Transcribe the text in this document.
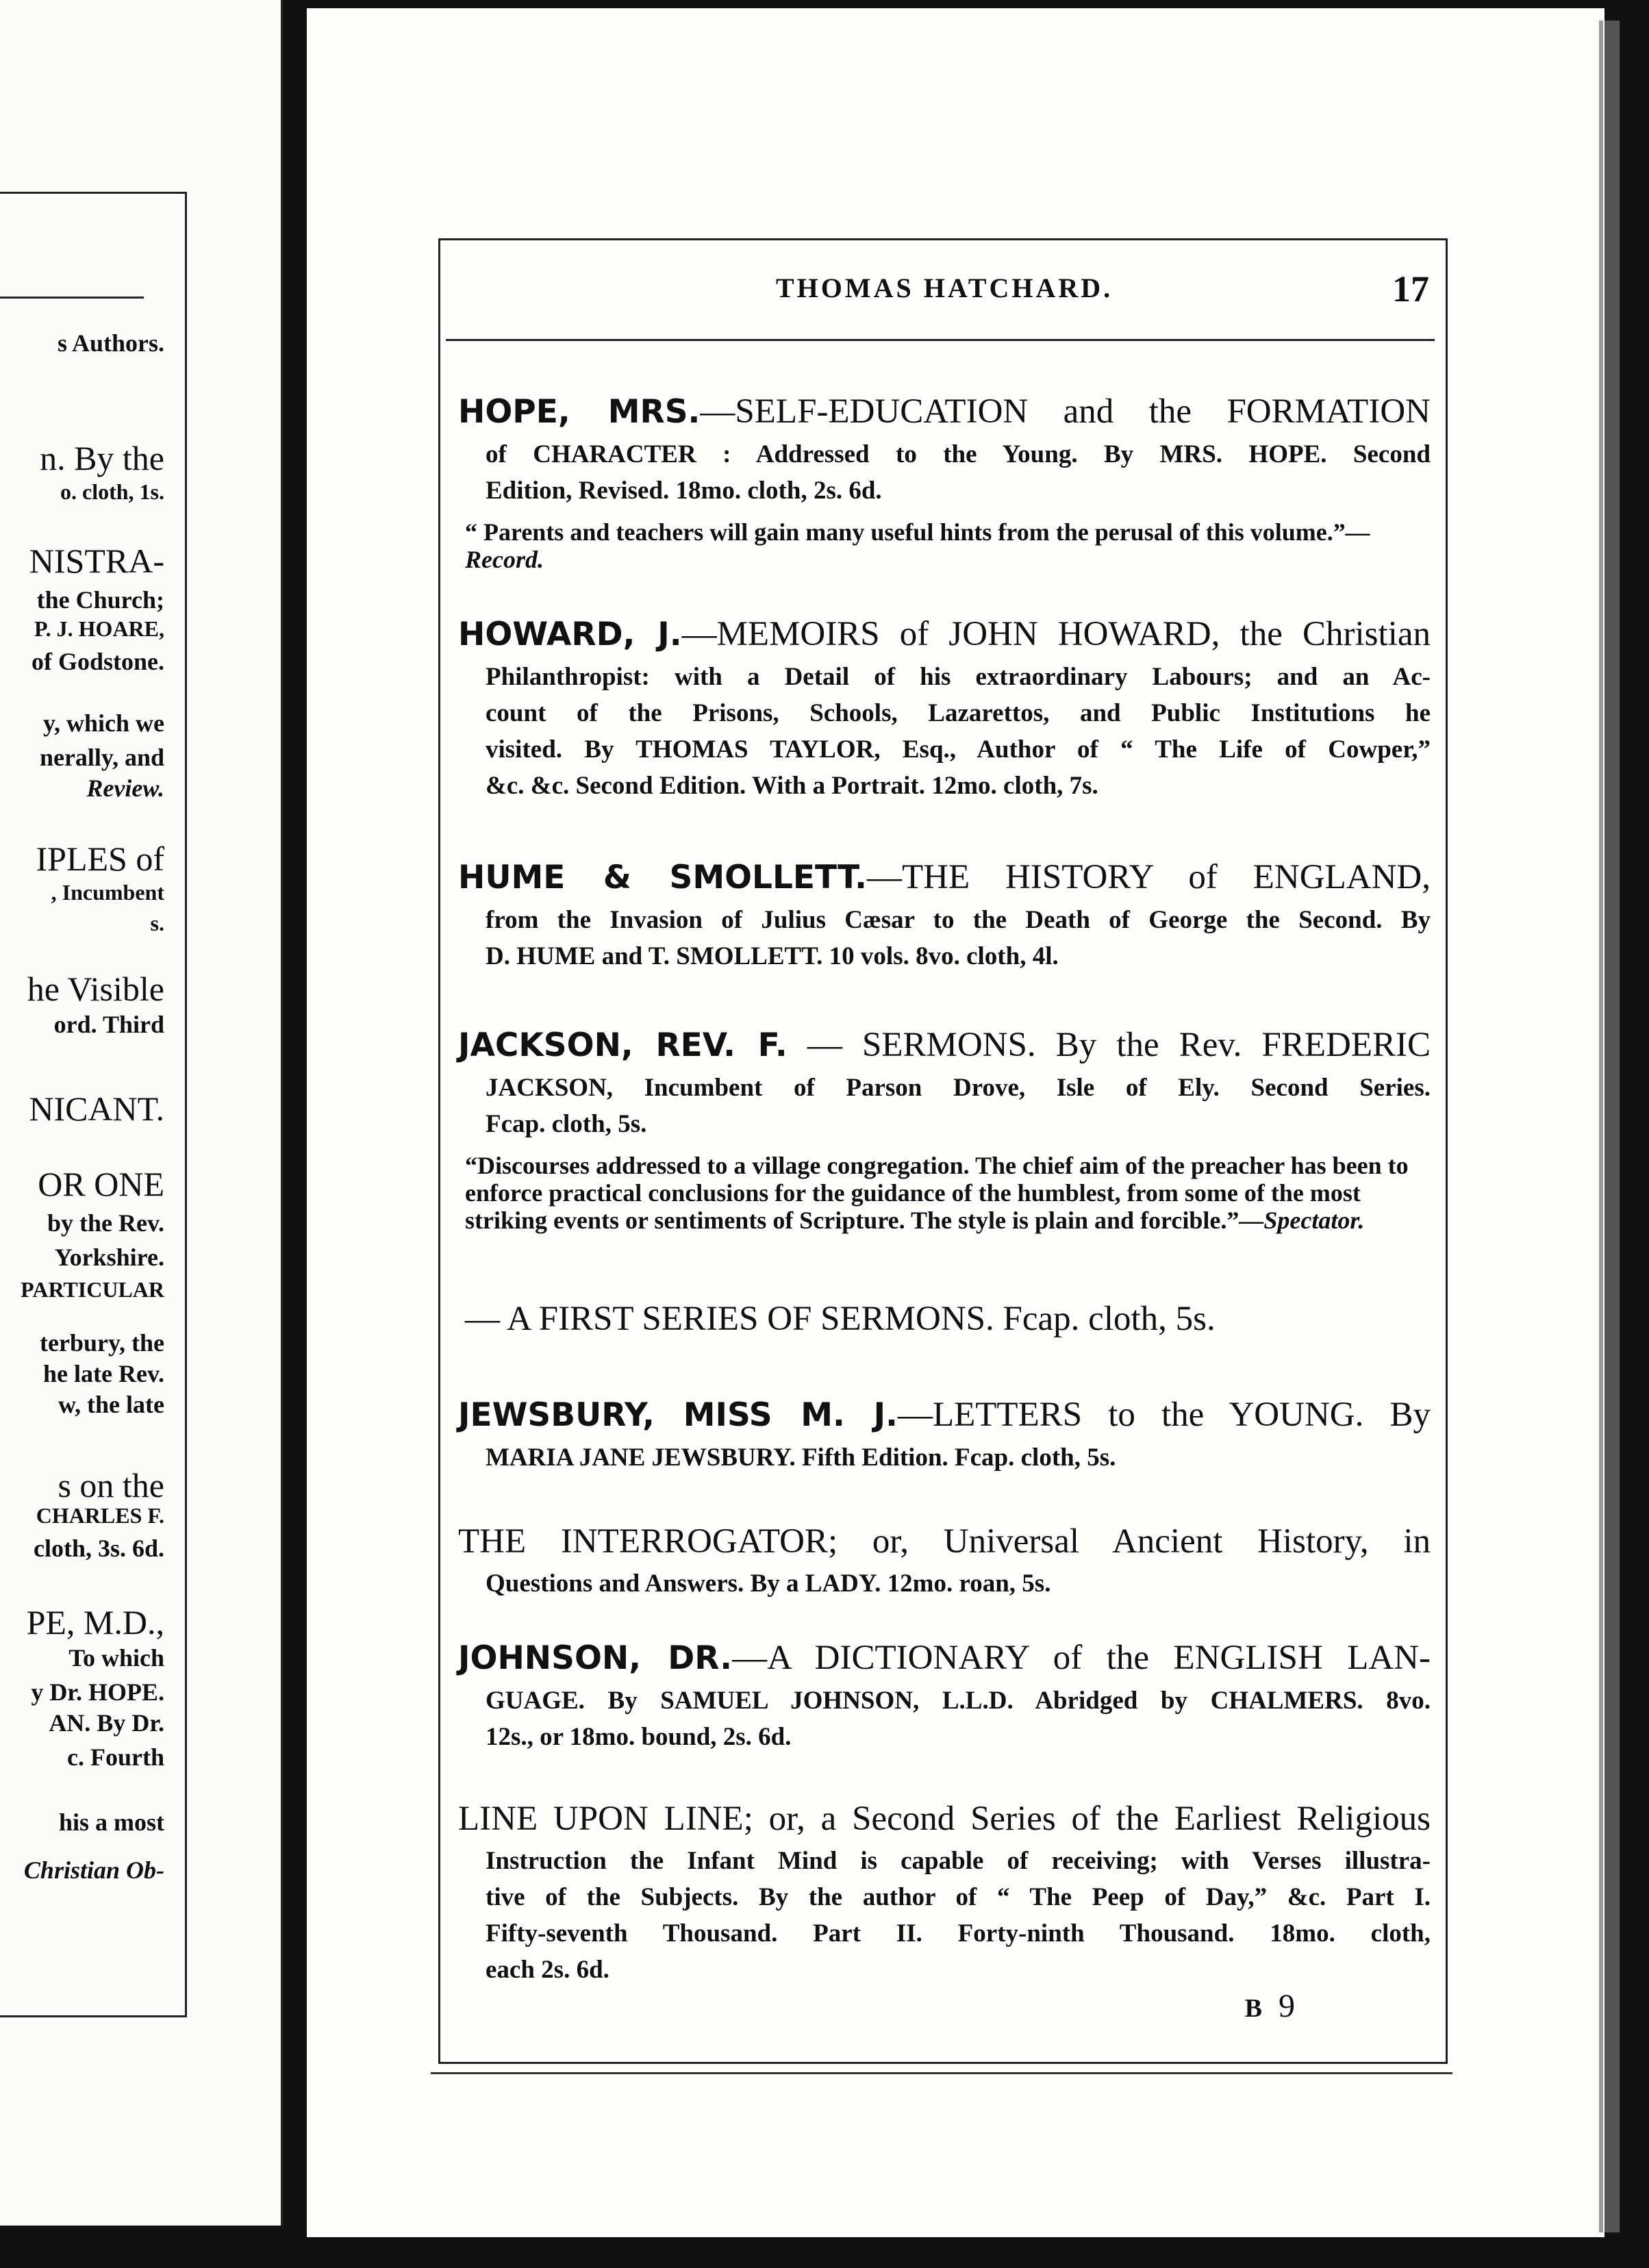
s Authors.
n. By the
o. cloth, 1s.
NISTRA-
the Church;
P. J. HOARE,
of Godstone.
y, which we
nerally, and
Review.
IPLES of
, Incumbent
s.
he Visible
ord. Third
NICANT.
OR ONE
by the Rev.
Yorkshire.
PARTICULAR
terbury, the
he late Rev.
w, the late
s on the
CHARLES F.
cloth, 3s. 6d.
PE, M.D.,
To which
y Dr. HOPE.
AN. By Dr.
c. Fourth
his a most
Christian Ob-
THOMAS HATCHARD.	17
HOPE, MRS.—SELF-EDUCATION and the FORMATION
of CHARACTER : Addressed to the Young. By MRS. HOPE. Second
Edition, Revised. 18mo. cloth, 2s. 6d.
“ Parents and teachers will gain many useful hints from the perusal of this volume.”—Record.
HOWARD, J.—MEMOIRS of JOHN HOWARD, the Christian
Philanthropist: with a Detail of his extraordinary Labours; and an Ac-
count of the Prisons, Schools, Lazarettos, and Public Institutions he
visited. By THOMAS TAYLOR, Esq., Author of “ The Life of Cowper,”
&c. &c. Second Edition. With a Portrait. 12mo. cloth, 7s.
HUME & SMOLLETT.—THE HISTORY of ENGLAND,
from the Invasion of Julius Cæsar to the Death of George the Second. By
D. HUME and T. SMOLLETT. 10 vols. 8vo. cloth, 4l.
JACKSON, REV. F. — SERMONS. By the Rev. FREDERIC
JACKSON, Incumbent of Parson Drove, Isle of Ely. Second Series.
Fcap. cloth, 5s.
“Discourses addressed to a village congregation. The chief aim of the preacher has been to enforce practical conclusions for the guidance of the humblest, from some of the most striking events or sentiments of Scripture. The style is plain and forcible.”—Spectator.
— A FIRST SERIES OF SERMONS. Fcap. cloth, 5s.
JEWSBURY, MISS M. J.—LETTERS to the YOUNG. By
MARIA JANE JEWSBURY. Fifth Edition. Fcap. cloth, 5s.
THE INTERROGATOR; or, Universal Ancient History, in
Questions and Answers. By a LADY. 12mo. roan, 5s.
JOHNSON, DR.—A DICTIONARY of the ENGLISH LAN-
GUAGE. By SAMUEL JOHNSON, L.L.D. Abridged by CHALMERS. 8vo.
12s., or 18mo. bound, 2s. 6d.
LINE UPON LINE; or, a Second Series of the Earliest Religious
Instruction the Infant Mind is capable of receiving; with Verses illustra-
tive of the Subjects. By the author of “ The Peep of Day,” &c. Part I.
Fifty-seventh Thousand. Part II. Forty-ninth Thousand. 18mo. cloth,
each 2s. 6d.
B 9
